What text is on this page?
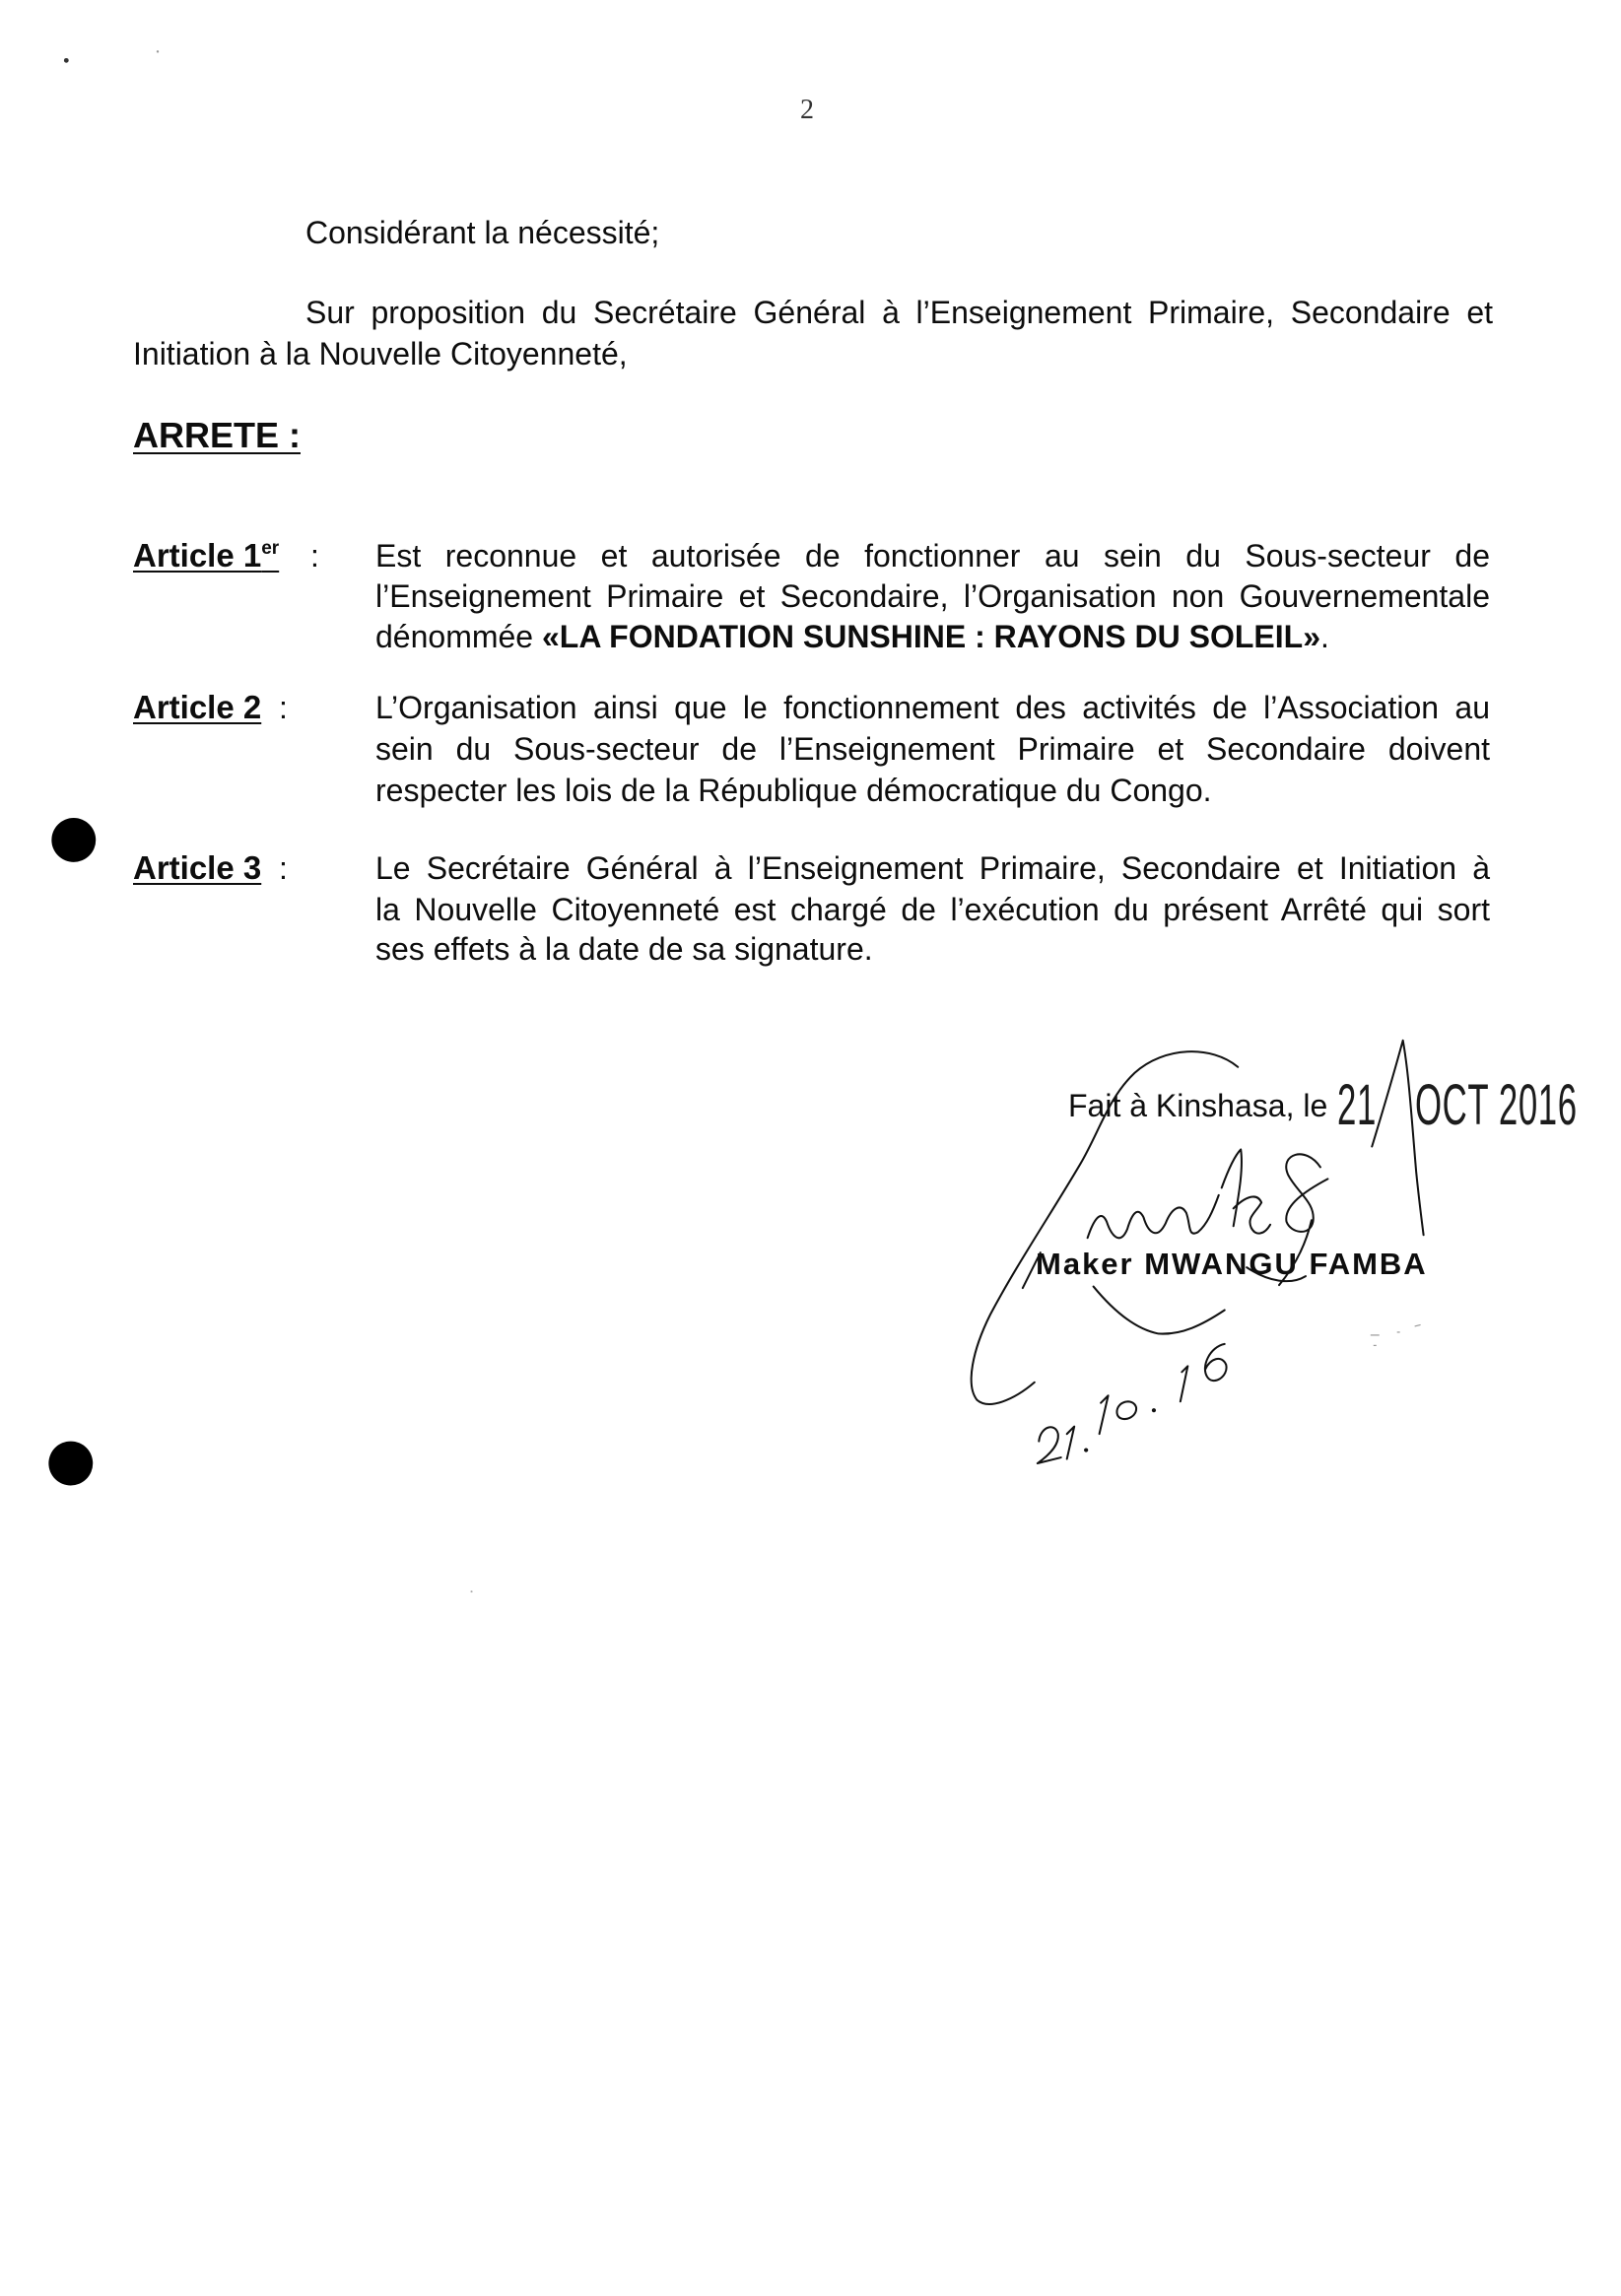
2
Considérant la nécessité;
Sur proposition du Secrétaire Général à l’Enseignement Primaire, Secondaire et
Initiation à la Nouvelle Citoyenneté,
ARRETE :
Article 1er : Est reconnue et autorisée de fonctionner au sein du Sous-secteur de
l’Enseignement Primaire et Secondaire, l’Organisation non Gouvernementale
dénommée «LA FONDATION SUNSHINE : RAYONS DU SOLEIL».
Article 2 :	L’Organisation ainsi que le fonctionnement des activités de l’Association au
sein du Sous-secteur de l’Enseignement Primaire et Secondaire doivent
respecter les lois de la République démocratique du Congo.
Article 3 :	Le Secrétaire Général à l’Enseignement Primaire, Secondaire et Initiation à
la Nouvelle Citoyenneté est chargé de l’exécution du présent Arrêté qui sort
ses effets à la date de sa signature.
Fait à Kinshasa, le 21 OCT 2016
Maker MWANGU FAMBA
